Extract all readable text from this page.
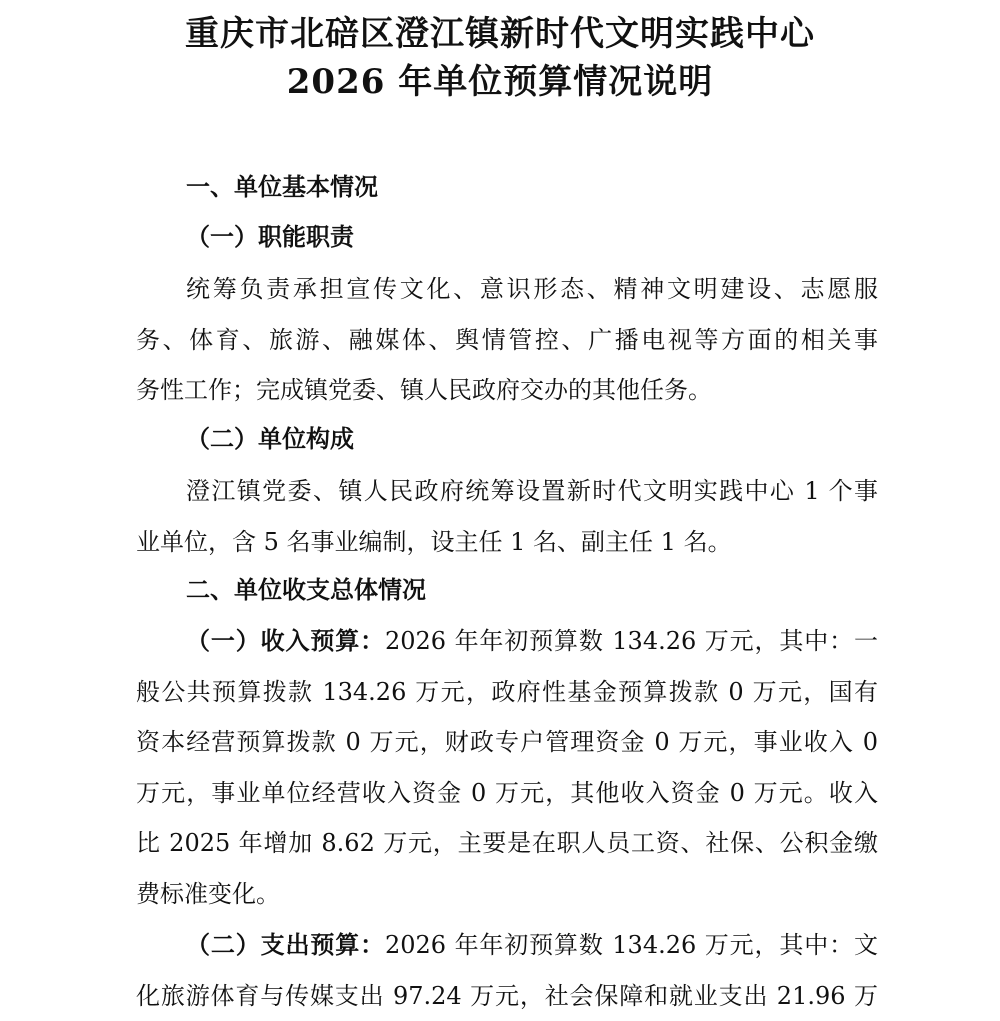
重庆市北碚区澄江镇新时代文明实践中心
2026 年单位预算情况说明
一、单位基本情况
（一）职能职责
统筹负责承担宣传文化、意识形态、精神文明建设、志愿服
务、体育、旅游、融媒体、舆情管控、广播电视等方面的相关事
务性工作；完成镇党委、镇人民政府交办的其他任务。
（二）单位构成
澄江镇党委、镇人民政府统筹设置新时代文明实践中心 1 个事
业单位，含 5 名事业编制，设主任 1 名、副主任 1 名。
二、单位收支总体情况
（一）收入预算：2026 年年初预算数 134.26 万元，其中：一
般公共预算拨款 134.26 万元，政府性基金预算拨款 0 万元，国有
资本经营预算拨款 0 万元，财政专户管理资金 0 万元，事业收入 0
万元，事业单位经营收入资金 0 万元，其他收入资金 0 万元。收入
比 2025 年增加 8.62 万元，主要是在职人员工资、社保、公积金缴
费标准变化。
（二）支出预算：2026 年年初预算数 134.26 万元，其中：文
化旅游体育与传媒支出 97.24 万元，社会保障和就业支出 21.96 万
